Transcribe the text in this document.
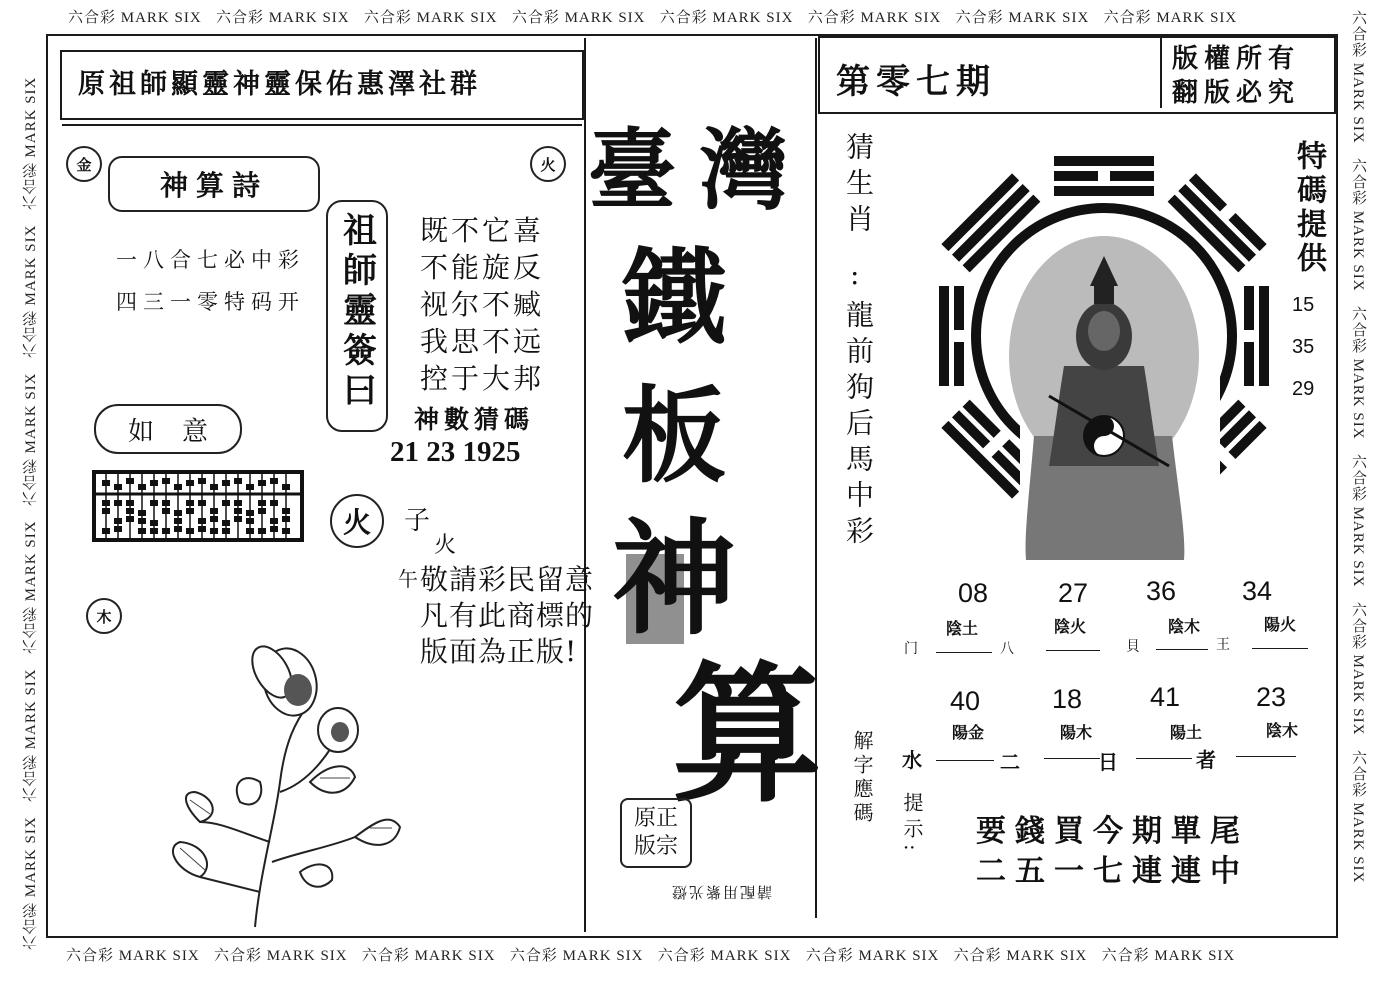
六合彩 MARK SIX 六合彩 MARK SIX 六合彩 MARK SIX 六合彩 MARK SIX 六合彩 MARK SIX 六合彩 MARK SIX 六合彩 MARK SIX 六合彩 MARK SIX
六合彩 MARK SIX 六合彩 MARK SIX 六合彩 MARK SIX 六合彩 MARK SIX 六合彩 MARK SIX 六合彩 MARK SIX 六合彩 MARK SIX 六合彩 MARK SIX
六合彩 MARK SIX   六合彩 MARK SIX   六合彩 MARK SIX   六合彩 MARK SIX   六合彩 MARK SIX   六合彩 MARK SIX	六合彩 MARK SIX   六合彩 MARK SIX   六合彩 MARK SIX   六合彩 MARK SIX   六合彩 MARK SIX   六合彩 MARK SIX
原祖師顯靈神靈保佑惠澤社群	第零七期
版權所有
翻版必究
金	火
神算詩
一八合七必中彩
四三一零特码开 祖師靈簽曰 既不它喜
不能旋反
视尔不臧
我思不远
控于大邦
神數猜碼
21 23 1925
如意
火	子
火
午 敬請彩民留意
凡有此商標的
版面為正版!
木
臺 灣
鐵
板
神
算
原正
版宗
請配用紫光燈
猜生肖
:
龍前狗后馬中彩
特碼提供
15
35
29
08	27 36 34
陰土	陰火	陰木	陽火
门	八	貝	王
40	18	41	23
陽金	陽木	陽土	陰木
水	二	日	者
解字應碼 提示: 要錢買今期單尾
二五一七連連中
